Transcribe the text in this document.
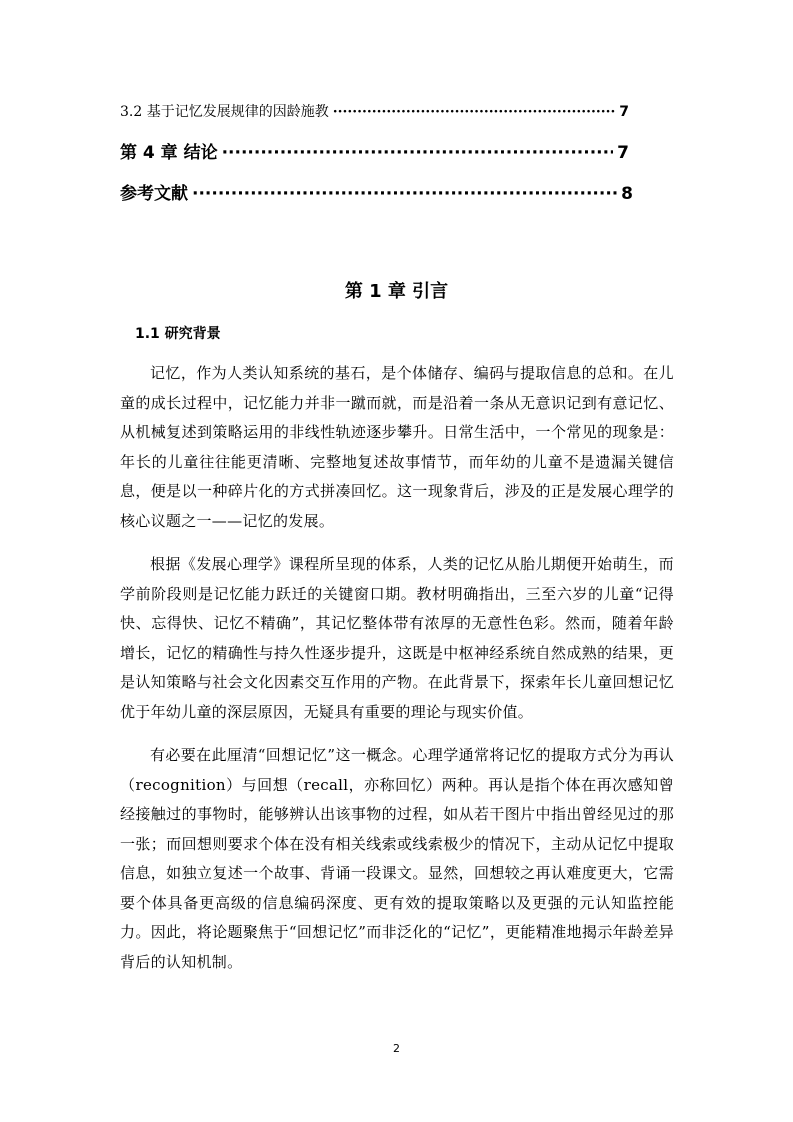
3.2 基于记忆发展规律的因龄施教 ·····	7
第 4 章 结论 ·····	7
参考文献 ·····	8
第 1 章 引言
1.1 研究背景

记忆，作为人类认知系统的基石，是个体储存、编码与提取信息的总和。在儿童的成长过程中，记忆能力并非一蹴而就，而是沿着一条从无意识记到有意记忆、从机械复述到策略运用的非线性轨迹逐步攀升。日常生活中，一个常见的现象是：年长的儿童往往能更清晰、完整地复述故事情节，而年幼的儿童不是遗漏关键信息，便是以一种碎片化的方式拼凑回忆。这一现象背后，涉及的正是发展心理学的核心议题之一——记忆的发展。

根据《发展心理学》课程所呈现的体系，人类的记忆从胎儿期便开始萌生，而学前阶段则是记忆能力跃迁的关键窗口期。教材明确指出，三至六岁的儿童“记得快、忘得快、记忆不精确”，其记忆整体带有浓厚的无意性色彩。然而，随着年龄增长，记忆的精确性与持久性逐步提升，这既是中枢神经系统自然成熟的结果，更是认知策略与社会文化因素交互作用的产物。在此背景下，探索年长儿童回想记忆优于年幼儿童的深层原因，无疑具有重要的理论与现实价值。

有必要在此厘清“回想记忆”这一概念。心理学通常将记忆的提取方式分为再认（recognition）与回想（recall，亦称回忆）两种。再认是指个体在再次感知曾经接触过的事物时，能够辨认出该事物的过程，如从若干图片中指出曾经见过的那一张；而回想则要求个体在没有相关线索或线索极少的情况下，主动从记忆中提取信息，如独立复述一个故事、背诵一段课文。显然，回想较之再认难度更大，它需要个体具备更高级的信息编码深度、更有效的提取策略以及更强的元认知监控能力。因此，将论题聚焦于“回想记忆”而非泛化的“记忆”，更能精准地揭示年龄差异背后的认知机制。

2
